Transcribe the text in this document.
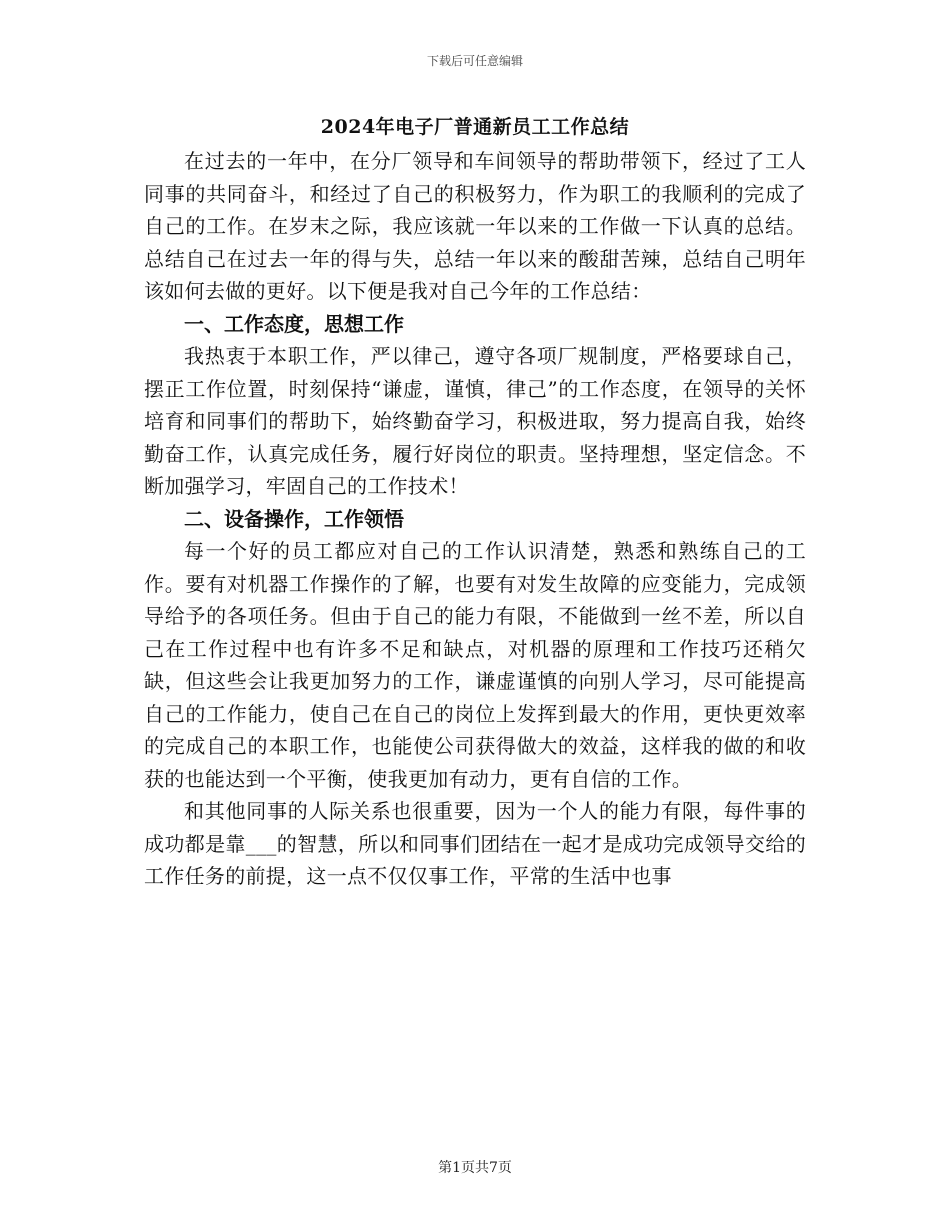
下载后可任意编辑
2024年电子厂普通新员工工作总结

在过去的一年中，在分厂领导和车间领导的帮助带领下，经过了工人同事的共同奋斗，和经过了自己的积极努力，作为职工的我顺利的完成了自己的工作。在岁末之际，我应该就一年以来的工作做一下认真的总结。总结自己在过去一年的得与失，总结一年以来的酸甜苦辣，总结自己明年该如何去做的更好。以下便是我对自己今年的工作总结：

一、工作态度，思想工作

我热衷于本职工作，严以律己，遵守各项厂规制度，严格要球自己，摆正工作位置，时刻保持“谦虚，谨慎，律己”的工作态度，在领导的关怀培育和同事们的帮助下，始终勤奋学习，积极进取，努力提高自我，始终勤奋工作，认真完成任务，履行好岗位的职责。坚持理想，坚定信念。不断加强学习，牢固自己的工作技术！

二、设备操作，工作领悟

每一个好的员工都应对自己的工作认识清楚，熟悉和熟练自己的工作。要有对机器工作操作的了解，也要有对发生故障的应变能力，完成领导给予的各项任务。但由于自己的能力有限，不能做到一丝不差，所以自己在工作过程中也有许多不足和缺点，对机器的原理和工作技巧还稍欠缺，但这些会让我更加努力的工作，谦虚谨慎的向别人学习，尽可能提高自己的工作能力，使自己在自己的岗位上发挥到最大的作用，更快更效率的完成自己的本职工作，也能使公司获得做大的效益，这样我的做的和收获的也能达到一个平衡，使我更加有动力，更有自信的工作。

和其他同事的人际关系也很重要，因为一个人的能力有限，每件事的成功都是靠___的智慧，所以和同事们团结在一起才是成功完成领导交给的工作任务的前提，这一点不仅仅事工作，平常的生活中也事

第1页共7页
